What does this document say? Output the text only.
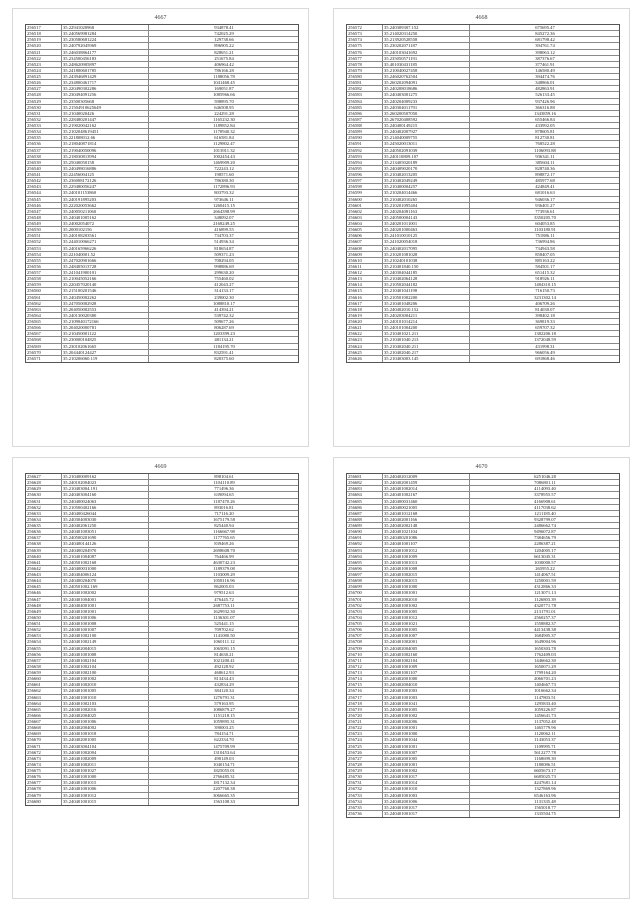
4667
256517	35.22941020968	934878.41
256518	35.240569981284	742025.29
256519	35.230580681224	129738.66
256520	35.240792045969	896905.22
256521	35.246038864177	828651.21
256522	35.234500456183	251675.84
256523	35.248620905897	406964.42
256524	35.241800601785	786166.28
256525	35.243946891429	1188056.78
256526	35.234800461717	1041468.45
256527	35.220490302286	169051.87
256528	35.230494091256	1085966.66
256529	35.23500305668	598895.70
256530	35.21504910625649	646508.95
256531	35.21040020426	224291.28
256532	35.228480201447	1165232.30
256533	35.219020042162	1189852.84
256534	35.2102048619451	1170940.32
256535	35.221808012.66	616581.84
256536	35.218040871814	1129802.47
256537	35.219040050096	1013911.32
256538	35.218030813994	1002454.43
256539	35.25040050158	1469909.20
256540	35.240498016886	722243.12
256541	35.22456004125	198571.60
256542	35.236008172126	786380.30
256543	35.229480056247	1172896.93
256544	35.240101153860	803793.32
256545	35.240191895203	973646.11
256546	35.222020053662	1260415.15
256547	35.240050211060	2664398.99
256548	35.240401005162	348092.07
256549	35.24002054072	2168249.25
256550	35.2000102156	416899.55
256551	35.240108203561	734703.37
256552	35.244010066271	514936.34
256553	35.240165966226	818654.87
256554	35.221040001.52	509371.23
256555	35.247020901666	708294.05
256556	35.248405013728	998886.69
256557	35.241041900101	299630.20
256558	35.210045052166	755460.02
256559	35.220457020140	412043.27
256560	35.215100201546	314133.17
256561	35.240450002262	239002.30
256562	35.247050002928	1088810.17
256563	35.204050002553	414394.21
256564	35.240130020380	539742.32
256565	35.2109040172166	509677.26
256566	35.204020000781	806287.69
256567	35.210450001122	1203399.23
256568	35.230000104825	481134.21
256569	35.230102061665	1184195.70
256570	35.204440124427	832591.41
256571	35.210206060.119	820375.60
4668
256572	35.240309307.152	675695.47
256573	35.214020314250	845272.36
256574	35.213920528558	681798.42
256575	35.230202071187	394761.74
256576	35.240103041692	398063.12
256577	35.235050571191	387376.67
256578	35.401030431185	377461.91
256579	35.210040027458	146580.49
256580	35.246020762504	394474.76
256581	35.260202094091	348866.01
256582	35.240208018686	482863.91
256583	35.240403001275	526133.45
256584	35.240204009233	937426.96
256585	35.240304011791	366316.88
256586	35.260200507050	1343859.16
256587	35.267020408592	655466.84
256588	35.240400149215	433992.05
256589	35.240402007927	878605.81
256590	35.214040009755	812730.81
256591	35.245020013011	768522.28
256592	35.240502091039	1106093.88
256593	35.240110809.107	936341.11
256594	35.213405020189	385604.11
256595	35.240409020170	828740.36
256596	35.210402013205	898872.17
256597	35.210402049249	485977.68
256598	35.210400004257	424849.41
256599	35.210204014466	681016.63
256600	35.210402010265	946036.17
256601	35.210201095404	936401.27
256602	35.240204081163	773936.61
256603	35.240500004143	3350205.70
256604	35.240201011001	604053.85
256605	35.240201000463	1103180.91
256606	35.241010010125	751886.11
256607	35.241020054018	736994.86
256608	35.240402017095	734943.58
256609	35.210201081028	858407.05
256610	35.210240101038	885163.22
256611	35.210401840.150	584501.17
256612	35.240304044185	651415.32
256613	35.210402064128	918926.11
256614	35.210502044182	1484310.15
256615	35.210401041198	716150.73
256616	35.210501002200	3231302.14
256617	35.210401048206	406709.26
256618	35.240402010.152	814030.07
256619	35.240203004211	398402.18
256620	35.240101014214	369819.33
256621	35.240101004200	659707.32
256622	35.210401021.211	1382206.18
256623	35.210401040.213	1372048.59
256624	35.210402040.211	431998.31
256625	35.210402040.217	966056.49
256626	35.210403003.145	691868.46
4669
256627	35.210400009162	898104.61
256628	35.240102004023	1104110.89
256629	35.210403004.191	771496.36
256630	35.240403004160	639094.65
256631	35.240400024063	1187470.26
256632	35.210500402166	893016.81
256633	35.240400426044	717116.20
256634	35.240304003030	1675179.58
256635	35.240402061250	825440.94
256636	35.240401003051	1166667.98
256637	35.240500201690	1177765.65
256638	35.240400144126	839469.26
256639	35.240400204970	2698608.70
256640	35.210401004087	764466.99
256641	35.240501002168	4630742.23
256642	35.240400031000	1189379.08
256643	35.240404006124	1103009.29
256644	35.240400204070	1058116.96
256645	35.240501002.169	862005.03
256646	35.240401002002	979512.63
256647	35.240401004001	476445.72
256648	35.240404001001	2687753.11
256649	35.240401001001	1629932.30
256650	35.240401001006	1136301.07
256651	35.240401001008	525441.15
256652	35.240401001007	709702.62
256653	35.240401002100	1141080.50
256654	35.240401002149	1060111.12
256655	35.240402004015	1065091.15
256656	35.240401001008	814630.21
256657	35.240401002104	1021200.41
256658	35.240401002104	492128.92
256659	35.240401002100	468612.93
256660	35.240401001002	813434.43
256661	35.240401002010	432834.29
256662	35.240401001005	384120.34
256663	35.240401001010	1276791.31
256664	35.240401002103	579163.95
256665	35.240401002016	1086879.27
256666	35.240402004025	1151218.15
256667	35.240401001006	1059895.31
256668	35.240402004002	390003.25
256669	35.240401001018	784154.71
256670	35.240402001005	622334.70
256671	35.240403004104	1475709.99
256672	35.240401002004	1310453.64
256673	35.240401002009	490149.03
256674	35.240401002011	1040154.71
256675	35.240401001027	1825055.01
256676	35.240401001000	2766485.31
256677	35.240401001015	1817132.34
256678	35.240401001006	2207760.38
256679	35.240401001012	3066665.35
256680	35.240401001015	1563108.33
4670
256681	35.240402012009	6251046.28
256682	35.240402001459	7086801.11
256683	35.240401002014	4114093.40
256684	35.240401002167	3378955.57
256685	35.240400031460	4166908.61
256686	35.240400021005	4117038.62
256687	35.240401012168	1211185.40
256688	35.240402001166	9328799.07
256689	35.240402002148	2486662.74
256690	35.240401021104	9496072.87
256691	35.240400201086	7384656.79
256692	35.240401001107	2286387.21
256693	35.240401001012	1204005.17
256694	35.240401001009	6613045.31
256695	35.240401001013	1030000.57
256696	35.240401001008	265955.22
256697	35.240401002015	1414067.51
256698	35.240401002015	1250001.59
256699	35.240401001000	4312866.33
256700	35.240401001001	1213071.13
256701	35.240402002010	1126803.39
256702	35.240401001002	4320771.78
256703	35.240401001005	2131791.01
256704	35.240401001012	2560257.37
256705	35.240401001021	1558882.37
256706	35.240401001005	4413438.38
256707	35.240401001007	1684905.37
256708	35.240401002001	1649004.96
256709	35.240402004005	1650303.78
256710	35.240401002160	1762409.03
256711	35.240401002104	1446662.30
256712	35.240401001009	1650071.29
256713	35.240401001107	1799164.20
256714	35.240402001000	2066701.23
256715	35.240402004010	1404667.73
256716	35.240401001003	1016662.34
256717	35.240401001003	1147803.51
256718	35.240401001041	1295833.40
256719	35.240401001005	1059226.87
256720	35.240401001002	1456641.73
256721	35.240401002006	1137052.48
256722	35.240401001001	1465779.96
256723	35.240401001000	1120062.11
256724	35.240401001044	1143053.37
256725	35.240401001001	1109995.71
256726	35.240401001007	5612277.78
256727	35.240402001005	1168699.39
256728	35.240401001001	1180086.51
256729	35.240401001002	6605673.17
256730	35.240401001017	6685025.73
256731	35.240401001014	4247681.14
256732	35.240401001010	1327869.96
256733	35.240401001003	6546163.96
256734	35.240402001006	1131335.48
256735	35.240401001017	1565018.77
256736	35.240401001017	1335504.75
